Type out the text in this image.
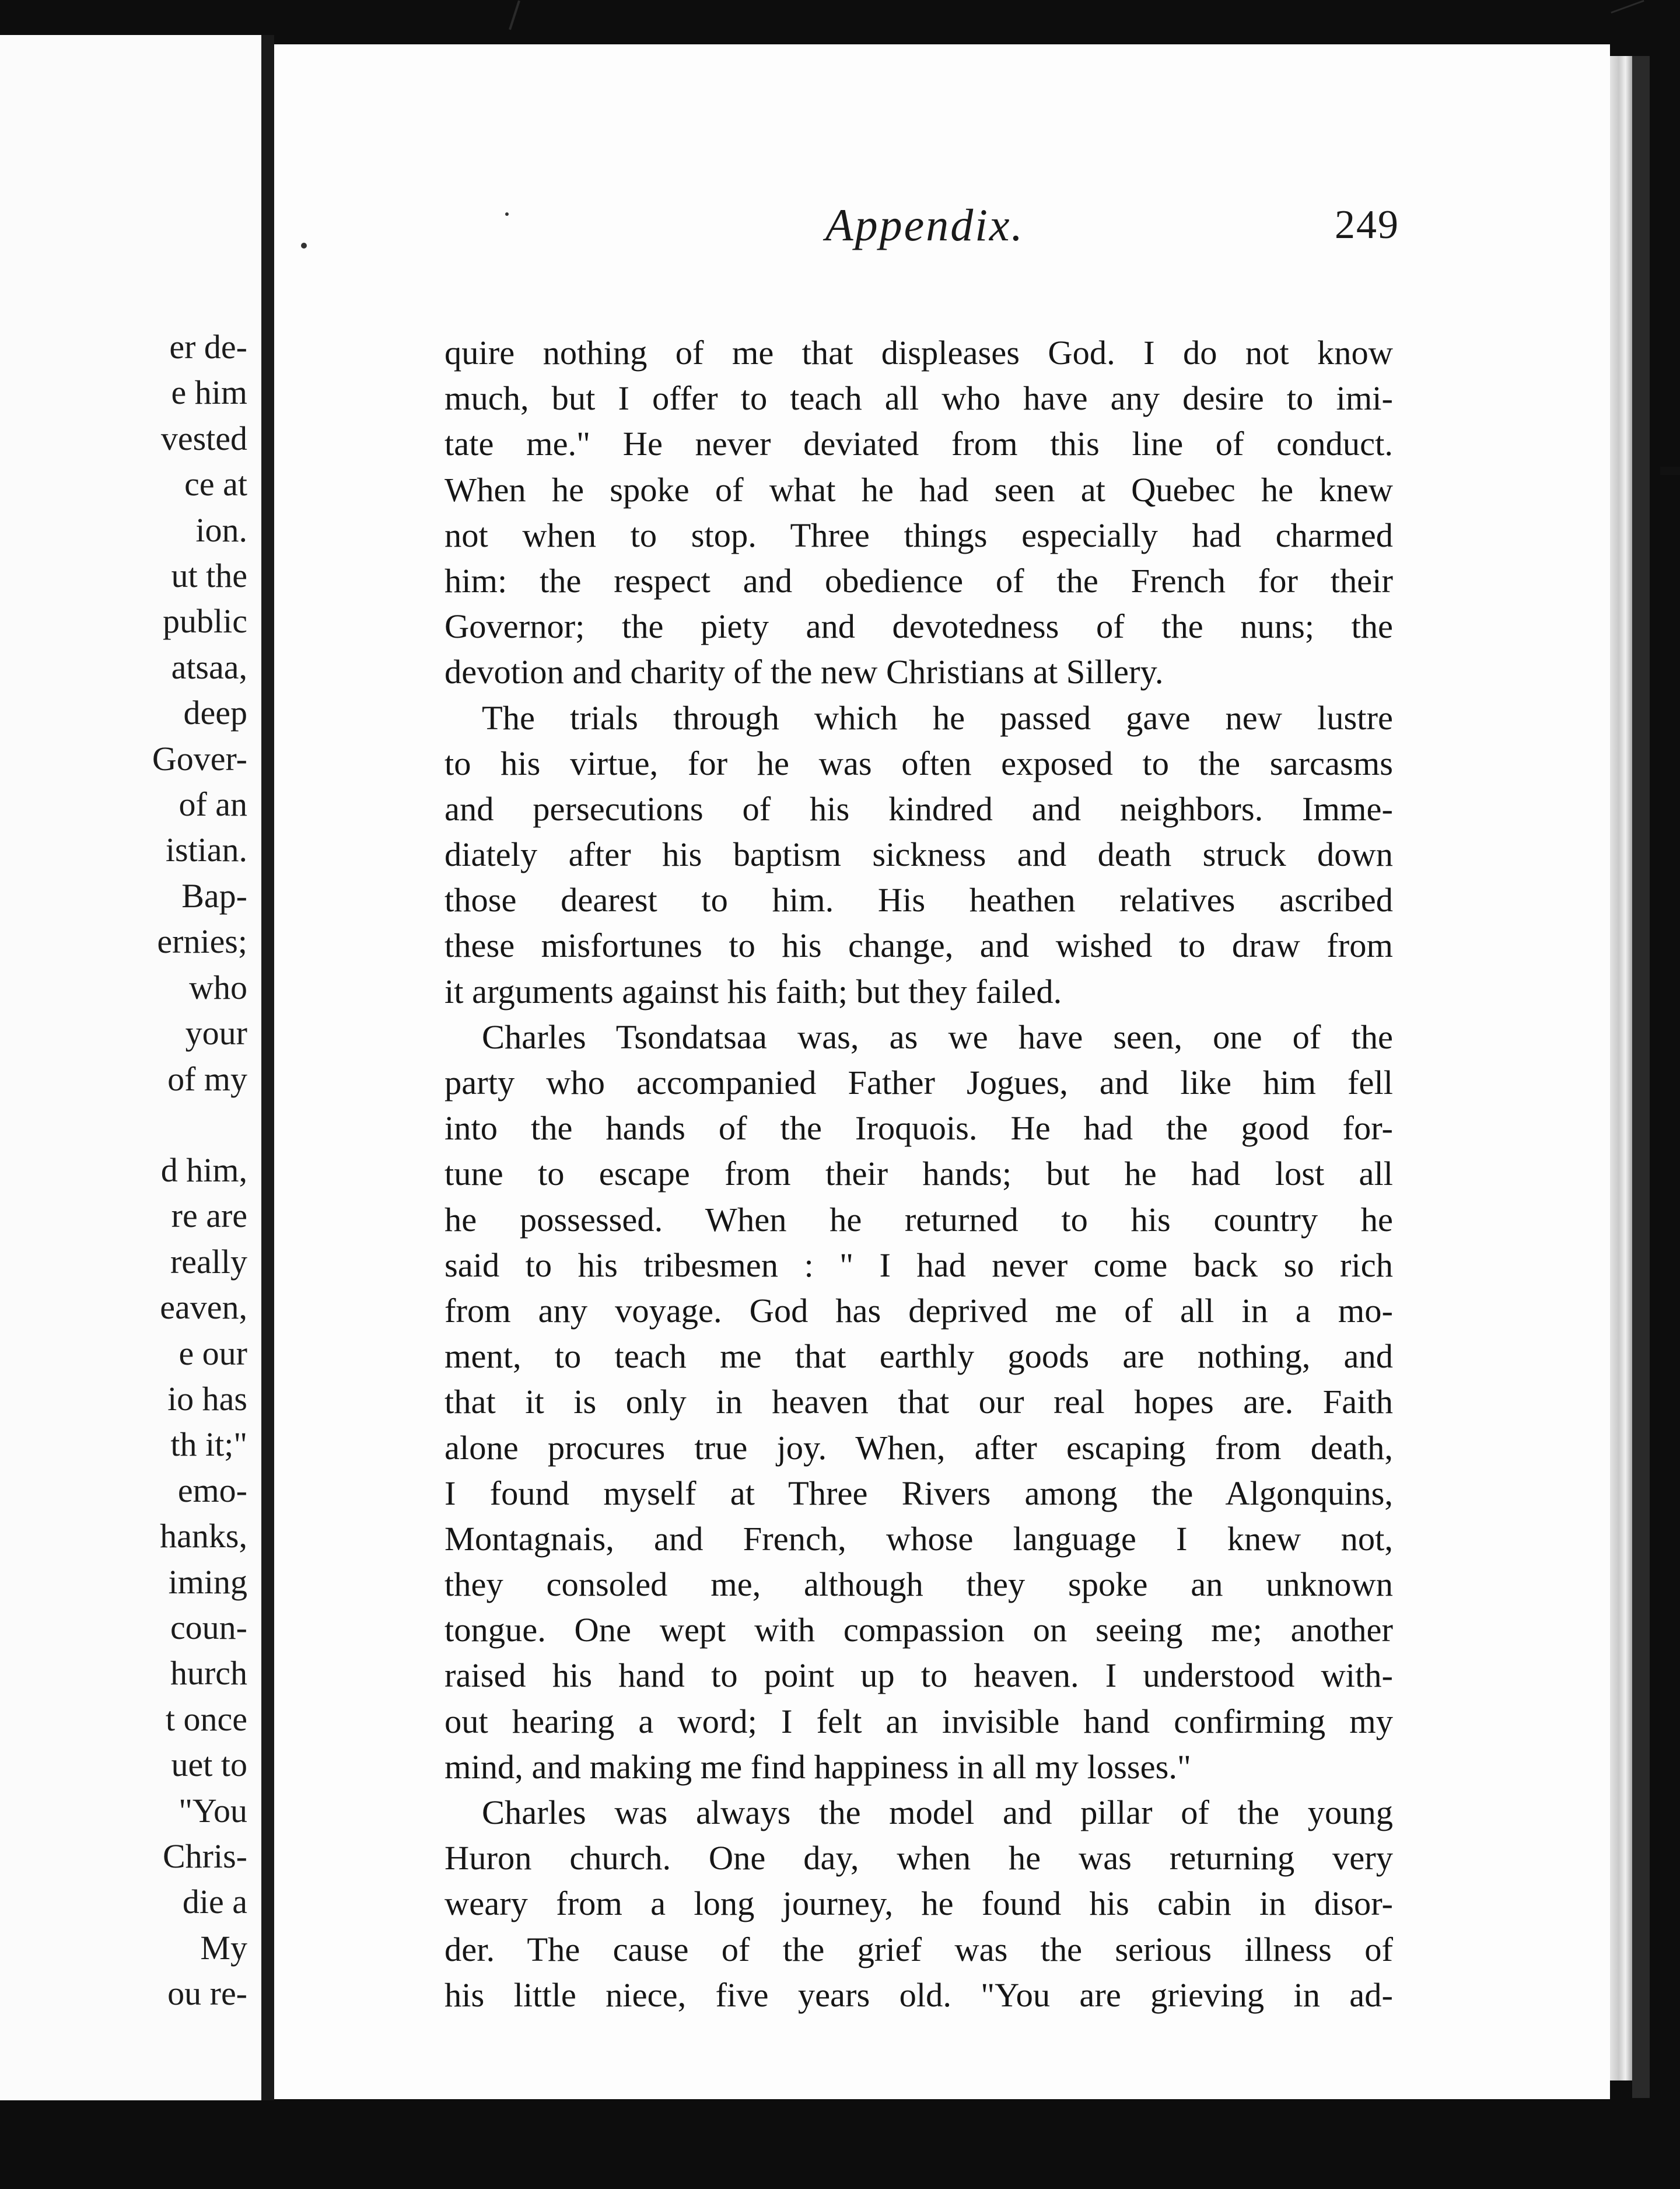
er de-
e him
vested
ce at
ion.
ut the
public
atsaa,
deep
Gover-
of an
istian.
Bap-
ernies;
who
your
of my
d him,
re are
really
eaven,
e our
io has
th it;"
emo-
hanks,
iming
coun-
hurch
t once
uet to
"You
Chris-
die a
My
ou re-
Appendix.	249

quire nothing of me that displeases God. I do not know
much, but I offer to teach all who have any desire to imi-
tate me." He never deviated from this line of conduct.
When he spoke of what he had seen at Quebec he knew
not when to stop. Three things especially had charmed
him: the respect and obedience of the French for their
Governor; the piety and devotedness of the nuns; the
devotion and charity of the new Christians at Sillery.

The trials through which he passed gave new lustre
to his virtue, for he was often exposed to the sarcasms
and persecutions of his kindred and neighbors. Imme-
diately after his baptism sickness and death struck down
those dearest to him. His heathen relatives ascribed
these misfortunes to his change, and wished to draw from
it arguments against his faith; but they failed.

Charles Tsondatsaa was, as we have seen, one of the
party who accompanied Father Jogues, and like him fell
into the hands of the Iroquois. He had the good for-
tune to escape from their hands; but he had lost all
he possessed. When he returned to his country he
said to his tribesmen : " I had never come back so rich
from any voyage. God has deprived me of all in a mo-
ment, to teach me that earthly goods are nothing, and
that it is only in heaven that our real hopes are. Faith
alone procures true joy. When, after escaping from death,
I found myself at Three Rivers among the Algonquins,
Montagnais, and French, whose language I knew not,
they consoled me, although they spoke an unknown
tongue. One wept with compassion on seeing me; another
raised his hand to point up to heaven. I understood with-
out hearing a word; I felt an invisible hand confirming my
mind, and making me find happiness in all my losses."

Charles was always the model and pillar of the young
Huron church. One day, when he was returning very
weary from a long journey, he found his cabin in disor-
der. The cause of the grief was the serious illness of
his little niece, five years old. "You are grieving in ad-
